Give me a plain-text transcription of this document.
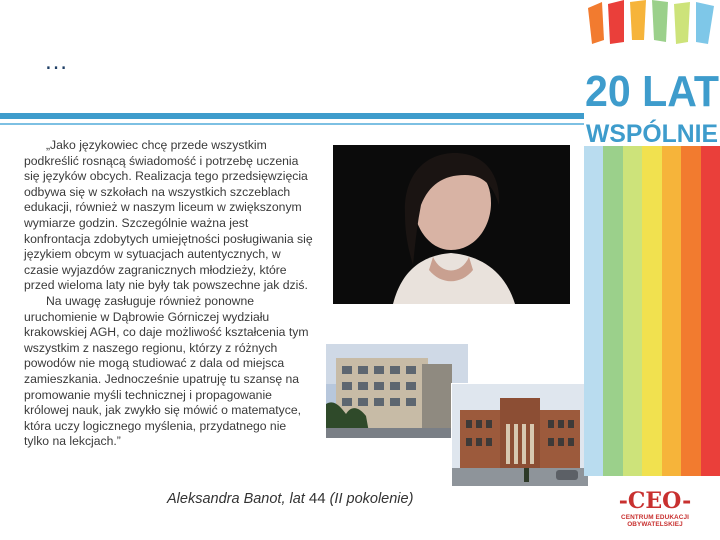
…

„Jako językowiec chcę przede wszystkim podkreślić rosnącą świadomość i potrzebę uczenia się języków obcych. Realizacja tego przedsięwzięcia odbywa się w szkołach na wszystkich szczeblach edukacji, również w naszym liceum w zwiększonym wymiarze godzin. Szczególnie ważna jest konfrontacja zdobytych umiejętności posługiwania się językiem obcym w sytuacjach autentycznych, w czasie wyjazdów zagranicznych młodzieży, które przed wieloma laty nie były tak powszechne jak dziś.

Na uwagę zasługuje również ponowne uruchomienie w Dąbrowie Górniczej wydziału krakowskiej AGH, co daje możliwość kształcenia tym wszystkim z naszego regionu, którzy z różnych powodów nie mogą studiować z dala od miejsca zamieszkania. Jednocześnie upatruję tu szansę na promowanie myśli technicznej i propagowanie królowej nauk, jak zwykło się mówić o matematyce, która uczy logicznego myślenia, przydatnego nie tylko na lekcjach.”

Aleksandra Banot, lat 44 (II pokolenie)
20 LAT
WSPÓLNIE
-CEO-
CENTRUM EDUKACJI OBYWATELSKIEJ
